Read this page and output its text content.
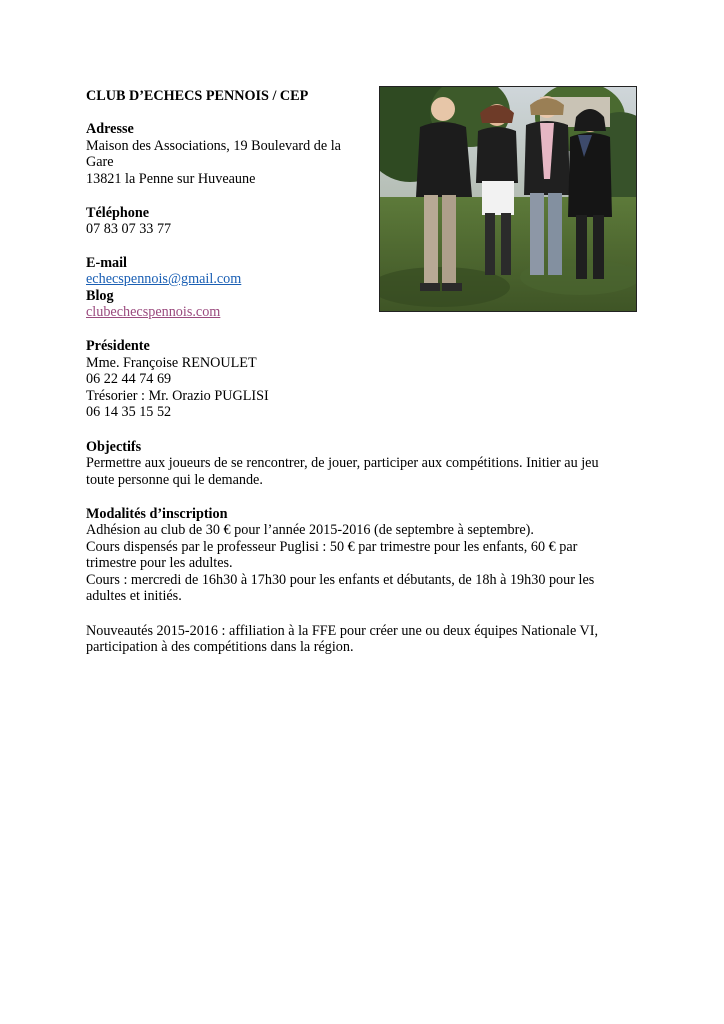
CLUB D’ECHECS PENNOIS / CEP
Adresse
Maison des Associations, 19 Boulevard de la
Gare
13821 la Penne sur Huveaune
Téléphone
07 83 07 33 77
E-mail
echecspennois@gmail.com
Blog
clubechecspennois.com
Présidente
Mme. Françoise RENOULET
06 22 44 74 69
Trésorier : Mr. Orazio PUGLISI
06 14 35 15 52
Objectifs
Permettre aux joueurs de se rencontrer, de jouer, participer aux compétitions. Initier au jeu
toute personne qui le demande.
Modalités d’inscription
Adhésion au club de 30 € pour l’année 2015-2016 (de septembre à septembre).
Cours dispensés par le professeur Puglisi : 50 € par trimestre pour les enfants, 60 € par
trimestre pour les adultes.
Cours : mercredi de 16h30 à 17h30 pour les enfants et débutants, de 18h à 19h30 pour les
adultes et initiés.
Nouveautés 2015-2016 : affiliation à la FFE pour créer une ou deux équipes Nationale VI,
participation à des compétitions dans la région.
